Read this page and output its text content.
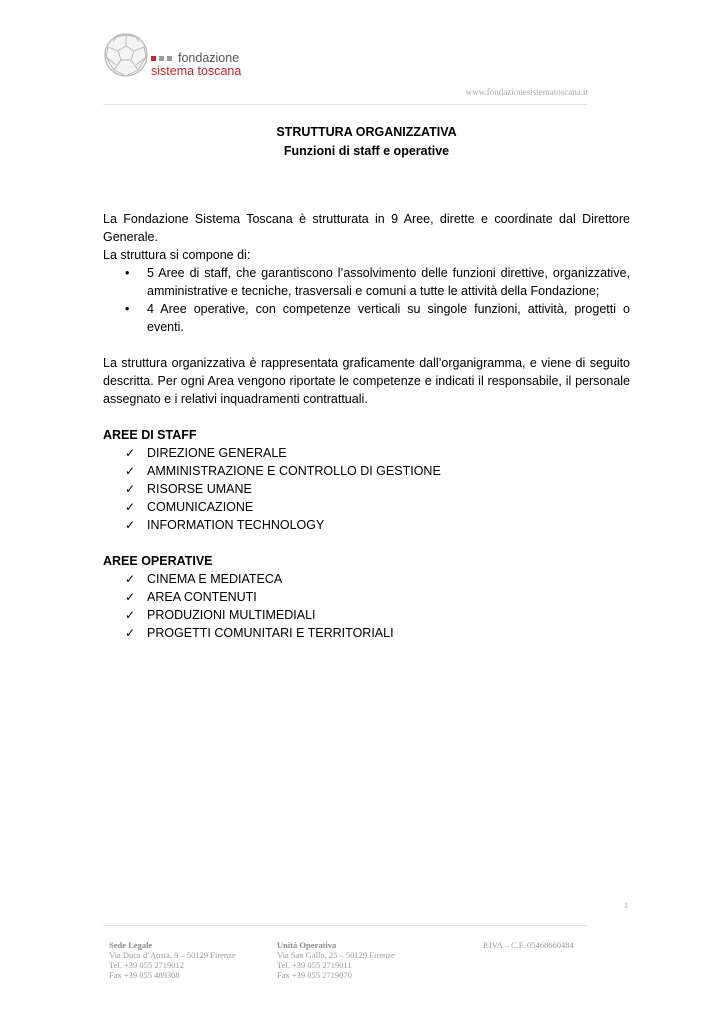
fondazione
sistema toscana
www.fondazionesistematoscana.it
STRUTTURA ORGANIZZATIVA
Funzioni di staff e operative

La Fondazione Sistema Toscana è strutturata in 9 Aree, dirette e coordinate dal Direttore Generale.

La struttura si compone di:

• 5 Aree di staff, che garantiscono l’assolvimento delle funzioni direttive, organizzative, amministrative e tecniche, trasversali e comuni a tutte le attività della Fondazione;
• 4 Aree operative, con competenze verticali su singole funzioni, attività, progetti o eventi.

La struttura organizzativa è rappresentata graficamente dall’organigramma, e viene di seguito descritta. Per ogni Area vengono riportate le competenze e indicati il responsabile, il personale assegnato e i relativi inquadramenti contrattuali.

AREE DI STAFF

✓ DIREZIONE GENERALE
✓ AMMINISTRAZIONE E CONTROLLO DI GESTIONE
✓ RISORSE UMANE
✓ COMUNICAZIONE
✓ INFORMATION TECHNOLOGY

AREE OPERATIVE

✓ CINEMA E MEDIATECA
✓ AREA CONTENUTI
✓ PRODUZIONI MULTIMEDIALI
✓ PROGETTI COMUNITARI E TERRITORIALI
1
Sede Legale
Via Duca d’Aosta, 9 – 50129 Firenze
Tel. +39 055 2719012
Fax +39 055 489308
Unità Operativa
Via San Gallo, 25 – 50129 Firenze
Tel. +39 055 2719011
Fax +39 055 2719070
P.IVA – C.F. 05468660484
